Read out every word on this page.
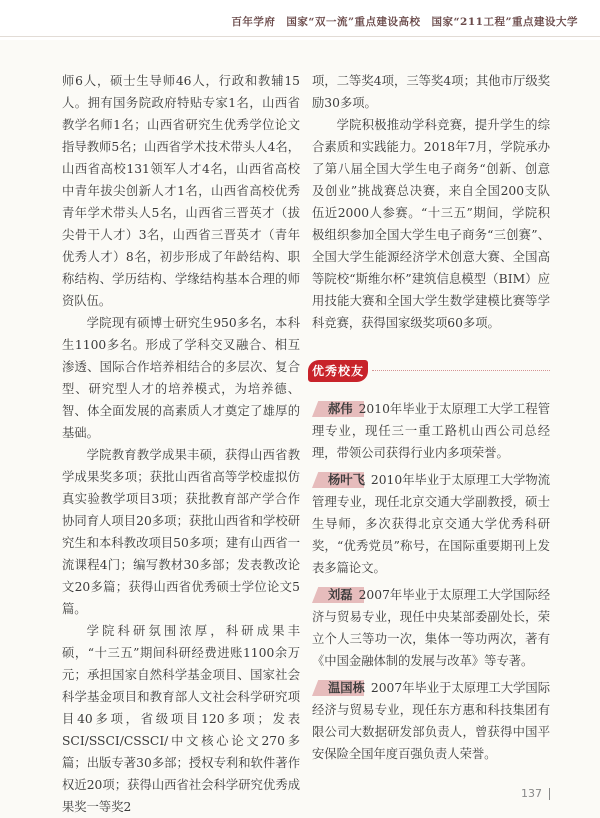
百年学府　国家“双一流”重点建设高校　国家“211工程”重点建设大学

师6人，硕士生导师46人，行政和教辅15人。拥有国务院政府特贴专家1名，山西省教学名师1名；山西省研究生优秀学位论文指导教师5名；山西省学术技术带头人4名，山西省高校131领军人才4名，山西省高校中青年拔尖创新人才1名，山西省高校优秀青年学术带头人5名，山西省三晋英才（拔尖骨干人才）3名，山西省三晋英才（青年优秀人才）8名，初步形成了年龄结构、职称结构、学历结构、学缘结构基本合理的师资队伍。

学院现有硕博士研究生950多名，本科生1100多名。形成了学科交叉融合、相互渗透、国际合作培养相结合的多层次、复合型、研究型人才的培养模式，为培养德、智、体全面发展的高素质人才奠定了雄厚的基础。

学院教育教学成果丰硕，获得山西省教学成果奖多项；获批山西省高等学校虚拟仿真实验教学项目3项；获批教育部产学合作协同育人项目20多项；获批山西省和学校研究生和本科教改项目50多项；建有山西省一流课程4门；编写教材30多部；发表教改论文20多篇；获得山西省优秀硕士学位论文5篇。

学院科研氛围浓厚，科研成果丰硕，“十三五”期间科研经费进账1100余万元；承担国家自然科学基金项目、国家社会科学基金项目和教育部人文社会科学研究项目40多项，省级项目120多项；发表SCI/SSCI/CSSCI/中文核心论文270多篇；出版专著30多部；授权专利和软件著作权近20项；获得山西省社会科学研究优秀成果奖一等奖2

项，二等奖4项，三等奖4项；其他市厅级奖励30多项。

学院积极推动学科竞赛，提升学生的综合素质和实践能力。2018年7月，学院承办了第八届全国大学生电子商务“创新、创意及创业”挑战赛总决赛，来自全国200支队伍近2000人参赛。“十三五”期间，学院积极组织参加全国大学生电子商务“三创赛”、全国大学生能源经济学术创意大赛、全国高等院校“斯维尔杯”建筑信息模型（BIM）应用技能大赛和全国大学生数学建模比赛等学科竞赛，获得国家级奖项60多项。

优秀校友

郝伟 2010年毕业于太原理工大学工程管理专业，现任三一重工路机山西公司总经理，带领公司获得行业内多项荣誉。

杨叶飞 2010年毕业于太原理工大学物流管理专业，现任北京交通大学副教授，硕士生导师，多次获得北京交通大学优秀科研奖，“优秀党员”称号，在国际重要期刊上发表多篇论文。

刘磊 2007年毕业于太原理工大学国际经济与贸易专业，现任中央某部委副处长，荣立个人三等功一次，集体一等功两次，著有《中国金融体制的发展与改革》等专著。

温国栋 2007年毕业于太原理工大学国际经济与贸易专业，现任东方惠和科技集团有限公司大数据研发部负责人，曾获得中国平安保险全国年度百强负责人荣誉。

137
